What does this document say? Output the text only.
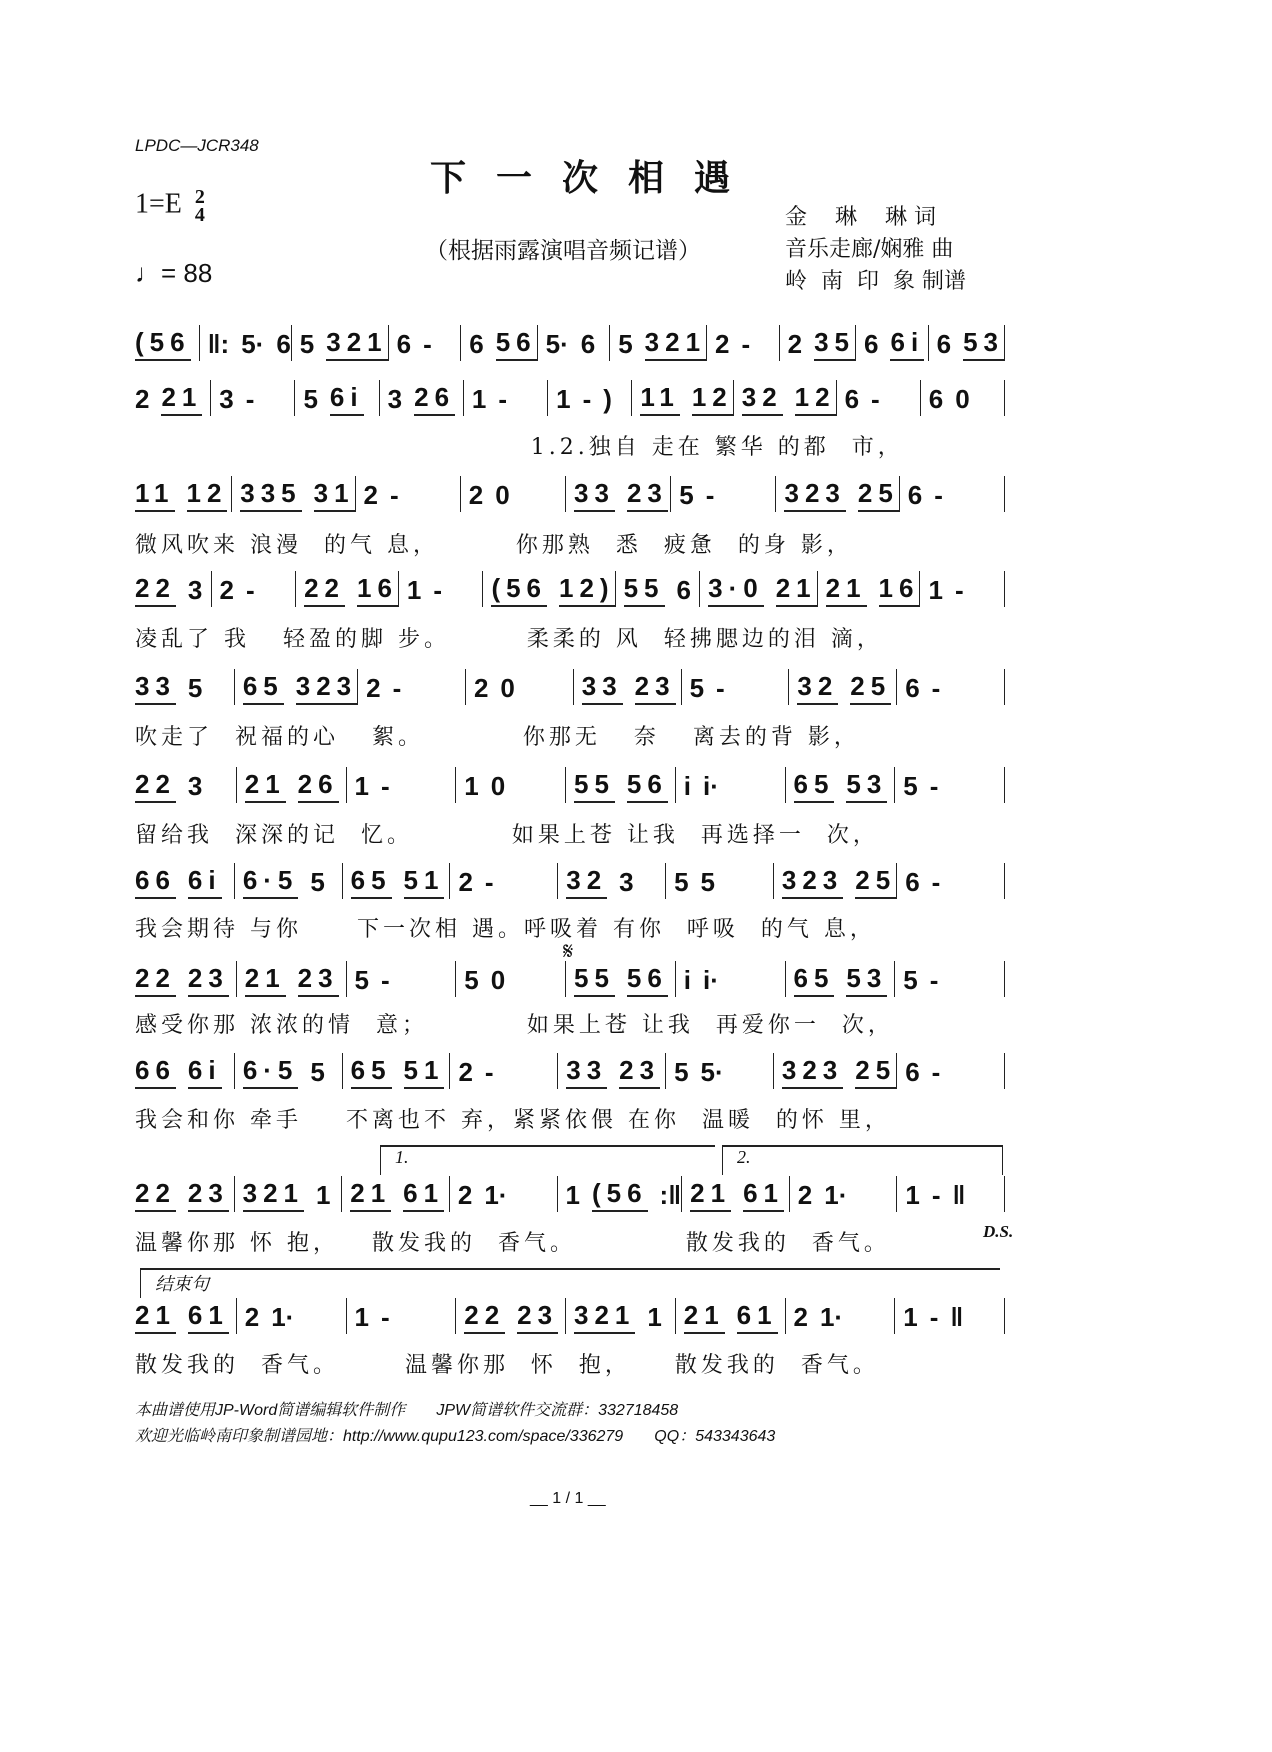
LPDC—JCR348
下一次相遇
1=E 2
4
♩= 88
（根据雨露演唱音频记谱）
金    琳    琳 词
音乐走廊/娴雅 曲
岭  南  印  象 制谱
(56 ‖: 5· 6 5 321 6 - 6 56 5· 6 5 321 2 - 2 35 6 6i 6 53
2 21 3 - 5 6i 3 26 1 - 1 - ) 11 12 32 12 6 - 6 0
1.2.独自 走在 繁华 的都  市，
11 12 335 31 2 -	2 0 33 23 5 -	323 25 6 -
微风吹来 浪漫  的气 息，       你那熟  悉  疲惫  的身 影，
22 3 2 - 22 16 1 - (56 12) 55 6 3·0 21 21 16 1 -
凌乱了 我   轻盈的脚 步。       柔柔的 风  轻拂腮边的泪 滴，
33 5 65 323 2 -	2 0	33 23 5 -	32 25 6 -
吹走了  祝福的心   絮。         你那无   奈   离去的背 影，
22 3 21 26 1 -	1 0	55 56 i i·	65 53 5 -
留给我  深深的记  忆。         如果上苍 让我  再选择一  次，
66 6i 6·5 5 65 51 2 -	32 3 5 5	323 25 6 -
我会期待 与你     下一次相 遇。呼吸着 有你  呼吸  的气 息，
22 23 21 23 5 -	5 0	55 56 i i·	65 53 5 -
感受你那 浓浓的情  意；         如果上苍 让我  再爱你一  次，
66 6i 6·5 5 65 51 2 -	33 23 5 5· 323 25 6 -
我会和你 牵手    不离也不 弃，紧紧依偎 在你  温暖  的怀 里，
22 23 321 1 21 61 2 1· 1 (56 :‖ 21 61 2 1· 1 - ‖
温馨你那 怀 抱，   散发我的  香气。          散发我的  香气。
21 61 2 1· 1 -	22 23 321 1 21 61 2 1· 1 - ‖
散发我的  香气。      温馨你那  怀  抱，    散发我的  香气。
1.	2.
结束句
D.S.
𝄋
本曲谱使用JP-Word简谱编辑软件制作       JPW简谱软件交流群：332718458
欢迎光临岭南印象制谱园地：http://www.qupu123.com/space/336279       QQ：543343643
__ 1 / 1 __
